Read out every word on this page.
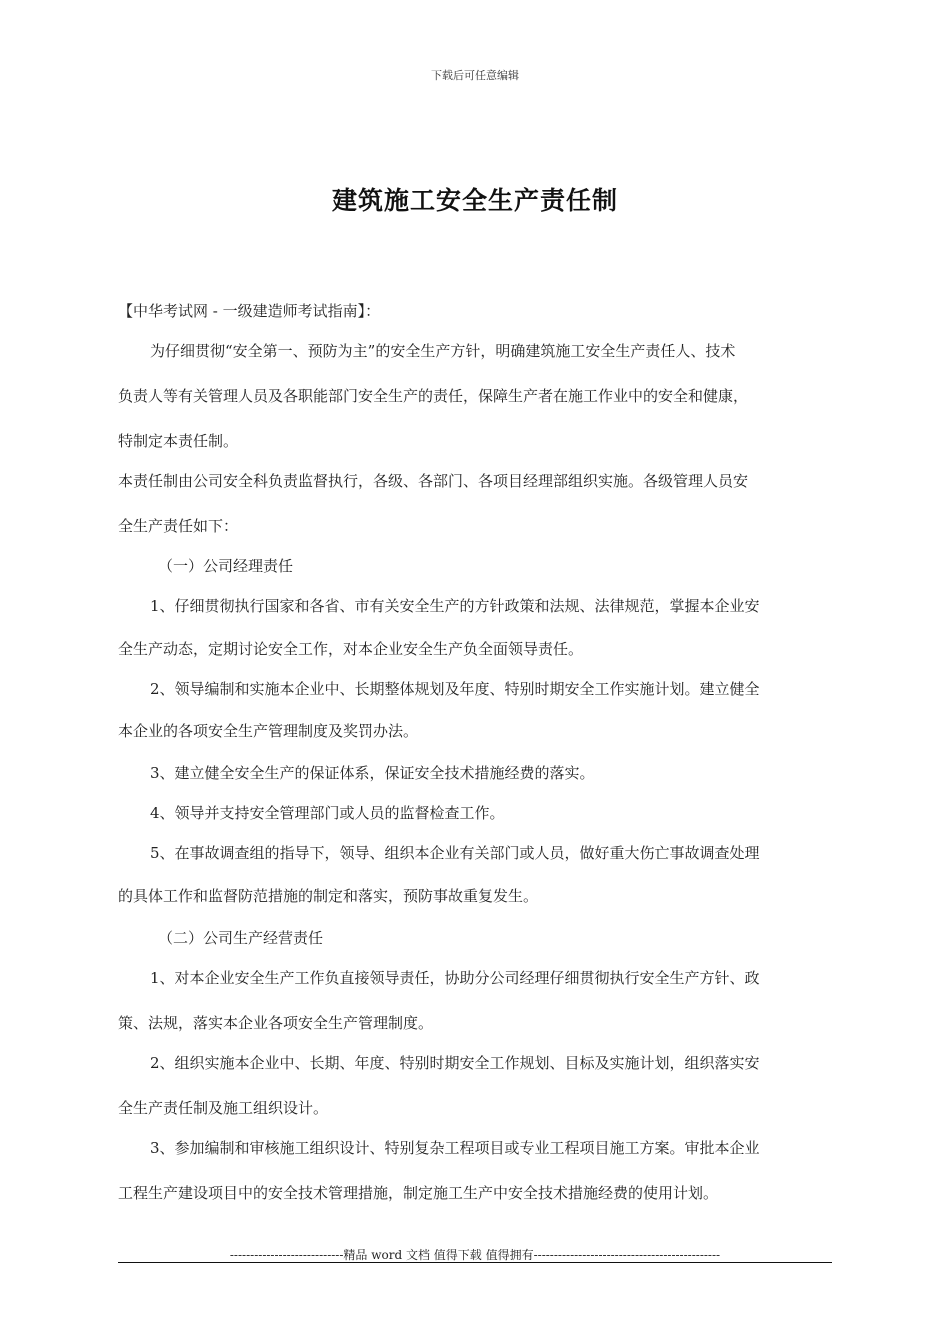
下载后可任意编辑
建筑施工安全生产责任制
【中华考试网 - 一级建造师考试指南】：
为仔细贯彻“安全第一、预防为主”的安全生产方针，明确建筑施工安全生产责任人、技术
负责人等有关管理人员及各职能部门安全生产的责任，保障生产者在施工作业中的安全和健康，
特制定本责任制。
本责任制由公司安全科负责监督执行，各级、各部门、各项目经理部组织实施。各级管理人员安
全生产责任如下：
（一）公司经理责任
1、仔细贯彻执行国家和各省、市有关安全生产的方针政策和法规、法律规范，掌握本企业安
全生产动态，定期讨论安全工作，对本企业安全生产负全面领导责任。
2、领导编制和实施本企业中、长期整体规划及年度、特别时期安全工作实施计划。建立健全
本企业的各项安全生产管理制度及奖罚办法。
3、建立健全安全生产的保证体系，保证安全技术措施经费的落实。
4、领导并支持安全管理部门或人员的监督检查工作。
5、在事故调查组的指导下，领导、组织本企业有关部门或人员，做好重大伤亡事故调查处理
的具体工作和监督防范措施的制定和落实，预防事故重复发生。
（二）公司生产经营责任
1、对本企业安全生产工作负直接领导责任，协助分公司经理仔细贯彻执行安全生产方针、政
策、法规，落实本企业各项安全生产管理制度。
2、组织实施本企业中、长期、年度、特别时期安全工作规划、目标及实施计划，组织落实安
全生产责任制及施工组织设计。
3、参加编制和审核施工组织设计、特别复杂工程项目或专业工程项目施工方案。审批本企业
工程生产建设项目中的安全技术管理措施，制定施工生产中安全技术措施经费的使用计划。
----------------------------精品 word 文档 值得下载 值得拥有----------------------------------------------
